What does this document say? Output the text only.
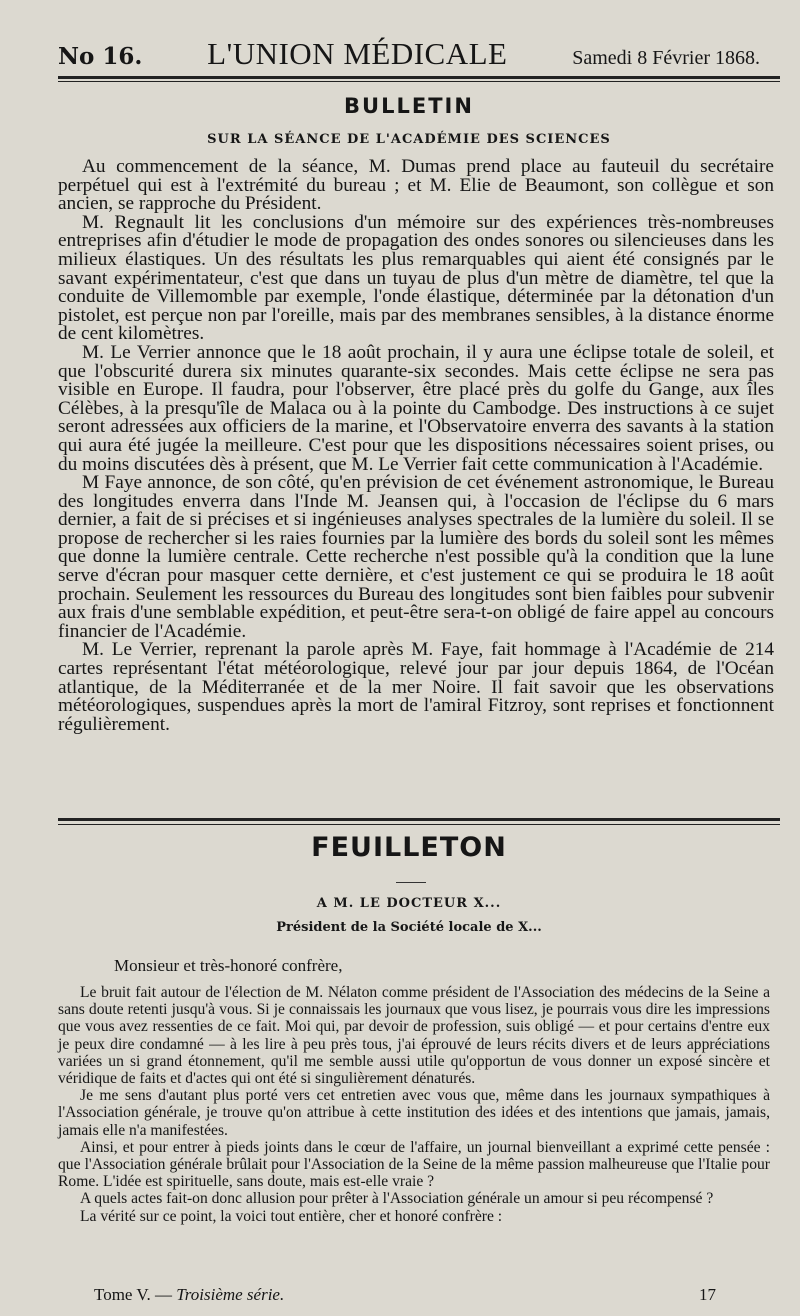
No 16. L'UNION MÉDICALE	Samedi 8 Février 1868.
BULLETIN
SUR LA SÉANCE DE L'ACADÉMIE DES SCIENCES

Au commencement de la séance, M. Dumas prend place au fauteuil du secrétaire perpétuel qui est à l'extrémité du bureau ; et M. Elie de Beaumont, son collègue et son ancien, se rapproche du Président.

M. Regnault lit les conclusions d'un mémoire sur des expériences très-nombreuses entreprises afin d'étudier le mode de propagation des ondes sonores ou silencieuses dans les milieux élastiques. Un des résultats les plus remarquables qui aient été consignés par le savant expérimentateur, c'est que dans un tuyau de plus d'un mètre de diamètre, tel que la conduite de Villemomble par exemple, l'onde élastique, déterminée par la détonation d'un pistolet, est perçue non par l'oreille, mais par des membranes sensibles, à la distance énorme de cent kilomètres.

M. Le Verrier annonce que le 18 août prochain, il y aura une éclipse totale de soleil, et que l'obscurité durera six minutes quarante-six secondes. Mais cette éclipse ne sera pas visible en Europe. Il faudra, pour l'observer, être placé près du golfe du Gange, aux îles Célèbes, à la presqu'île de Malaca ou à la pointe du Cambodge. Des instructions à ce sujet seront adressées aux officiers de la marine, et l'Observatoire enverra des savants à la station qui aura été jugée la meilleure. C'est pour que les dispositions nécessaires soient prises, ou du moins discutées dès à présent, que M. Le Verrier fait cette communication à l'Académie.

M Faye annonce, de son côté, qu'en prévision de cet événement astronomique, le Bureau des longitudes enverra dans l'Inde M. Jeansen qui, à l'occasion de l'éclipse du 6 mars dernier, a fait de si précises et si ingénieuses analyses spectrales de la lumière du soleil. Il se propose de rechercher si les raies fournies par la lumière des bords du soleil sont les mêmes que donne la lumière centrale. Cette recherche n'est possible qu'à la condition que la lune serve d'écran pour masquer cette dernière, et c'est justement ce qui se produira le 18 août prochain. Seulement les ressources du Bureau des longitudes sont bien faibles pour subvenir aux frais d'une semblable expédition, et peut-être sera-t-on obligé de faire appel au concours financier de l'Académie.

M. Le Verrier, reprenant la parole après M. Faye, fait hommage à l'Académie de 214 cartes représentant l'état météorologique, relevé jour par jour depuis 1864, de l'Océan atlantique, de la Méditerranée et de la mer Noire. Il fait savoir que les observations météorologiques, suspendues après la mort de l'amiral Fitzroy, sont reprises et fonctionnent régulièrement.

FEUILLETON
A M. LE DOCTEUR X...
Président de la Société locale de X...
Monsieur et très-honoré confrère,

Le bruit fait autour de l'élection de M. Nélaton comme président de l'Association des médecins de la Seine a sans doute retenti jusqu'à vous. Si je connaissais les journaux que vous lisez, je pourrais vous dire les impressions que vous avez ressenties de ce fait. Moi qui, par devoir de profession, suis obligé — et pour certains d'entre eux je peux dire condamné — à les lire à peu près tous, j'ai éprouvé de leurs récits divers et de leurs appréciations variées un si grand étonnement, qu'il me semble aussi utile qu'opportun de vous donner un exposé sincère et véridique de faits et d'actes qui ont été si singulièrement dénaturés.

Je me sens d'autant plus porté vers cet entretien avec vous que, même dans les journaux sympathiques à l'Association générale, je trouve qu'on attribue à cette institution des idées et des intentions que jamais, jamais, jamais elle n'a manifestées.

Ainsi, et pour entrer à pieds joints dans le cœur de l'affaire, un journal bienveillant a exprimé cette pensée : que l'Association générale brûlait pour l'Association de la Seine de la même passion malheureuse que l'Italie pour Rome. L'idée est spirituelle, sans doute, mais est-elle vraie ?

A quels actes fait-on donc allusion pour prêter à l'Association générale un amour si peu récompensé ?

La vérité sur ce point, la voici tout entière, cher et honoré confrère :

Tome V. — Troisième série.	17
